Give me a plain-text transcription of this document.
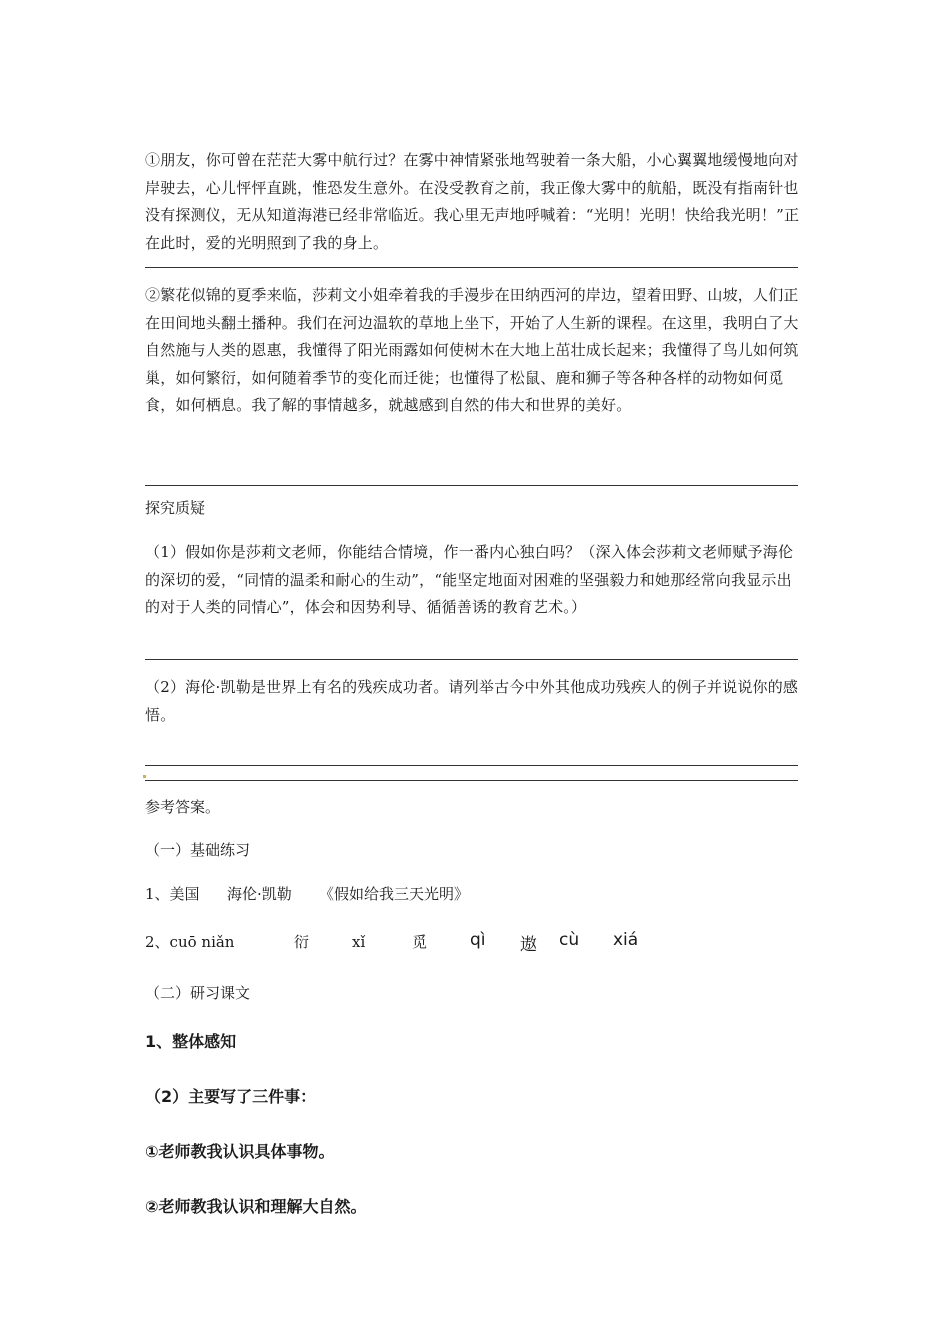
①朋友，你可曾在茫茫大雾中航行过？在雾中神情紧张地驾驶着一条大船，小心翼翼地缓慢地向对岸驶去，心儿怦怦直跳，惟恐发生意外。在没受教育之前，我正像大雾中的航船，既没有指南针也没有探测仪，无从知道海港已经非常临近。我心里无声地呼喊着：“光明！光明！快给我光明！”正在此时，爱的光明照到了我的身上。

②繁花似锦的夏季来临，莎莉文小姐牵着我的手漫步在田纳西河的岸边，望着田野、山坡，人们正在田间地头翻土播种。我们在河边温软的草地上坐下，开始了人生新的课程。在这里，我明白了大自然施与人类的恩惠，我懂得了阳光雨露如何使树木在大地上茁壮成长起来；我懂得了鸟儿如何筑巢，如何繁衍，如何随着季节的变化而迁徙；也懂得了松鼠、鹿和狮子等各种各样的动物如何觅食，如何栖息。我了解的事情越多，就越感到自然的伟大和世界的美好。

探究质疑

（1）假如你是莎莉文老师，你能结合情境，作一番内心独白吗？（深入体会莎莉文老师赋予海伦的深切的爱，“同情的温柔和耐心的生动”，“能坚定地面对困难的坚强毅力和她那经常向我显示出的对于人类的同情心”，体会和因势利导、循循善诱的教育艺术。）

（2）海伦·凯勒是世界上有名的残疾成功者。请列举古今中外其他成功残疾人的例子并说说你的感悟。

参考答案。
（一）基础练习
1、美国 海伦·凯勒 《假如给我三天光明》
2、cuō niǎn	衍	xǐ	觅	qì 遨 cù xiá
（二）研习课文
1、整体感知
（2）主要写了三件事：
①老师教我认识具体事物。
②老师教我认识和理解大自然。
